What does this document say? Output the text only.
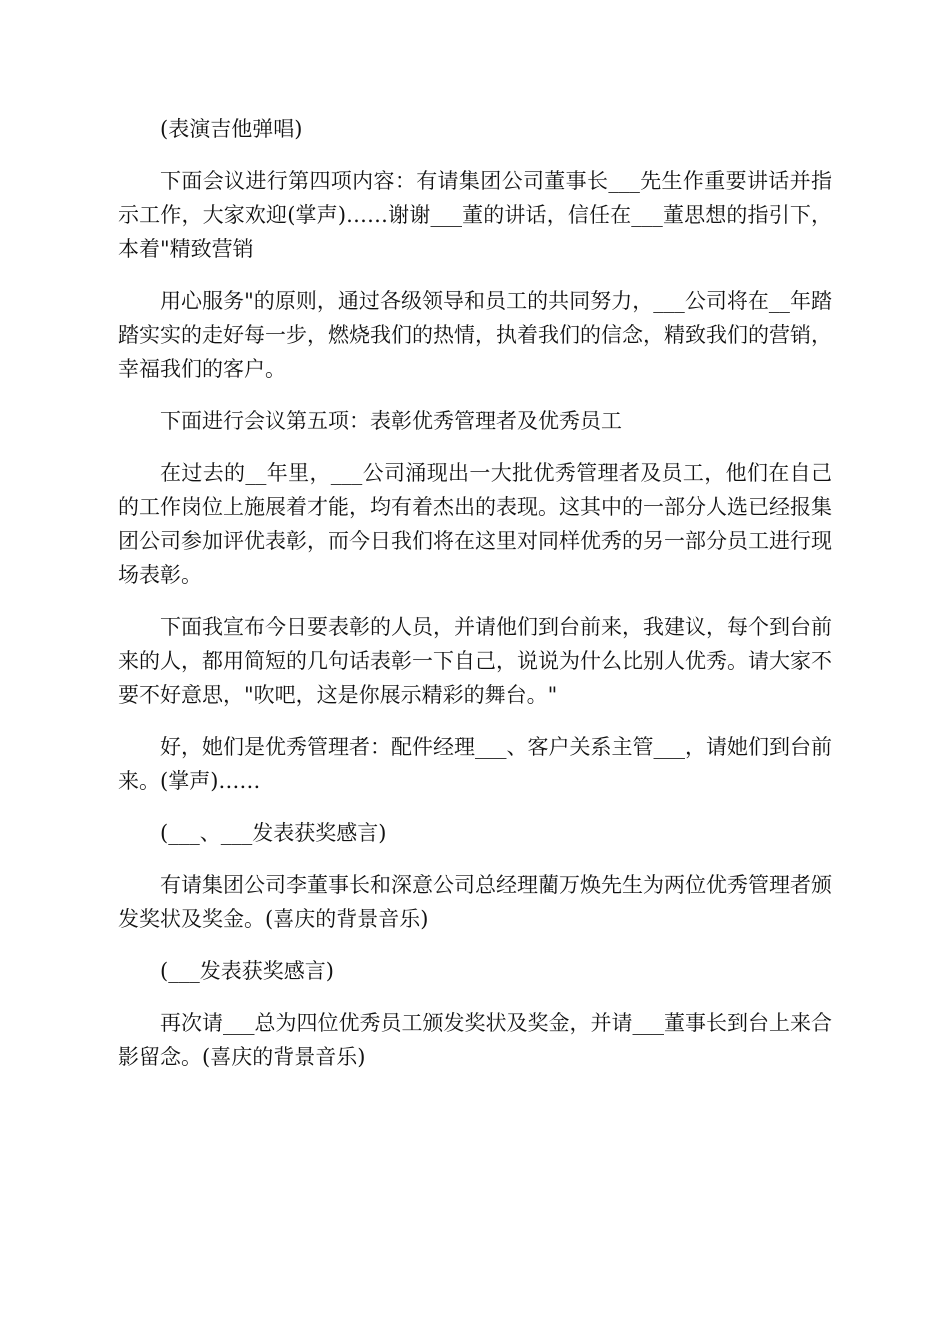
(表演吉他弹唱)

下面会议进行第四项内容：有请集团公司董事长___先生作重要讲话并指示工作，大家欢迎(掌声)……谢谢___董的讲话，信任在___董思想的指引下，本着"精致营销

用心服务"的原则，通过各级领导和员工的共同努力，___公司将在__年踏踏实实的走好每一步，燃烧我们的热情，执着我们的信念，精致我们的营销，幸福我们的客户。

下面进行会议第五项：表彰优秀管理者及优秀员工

在过去的__年里，___公司涌现出一大批优秀管理者及员工，他们在自己的工作岗位上施展着才能，均有着杰出的表现。这其中的一部分人选已经报集团公司参加评优表彰，而今日我们将在这里对同样优秀的另一部分员工进行现场表彰。

下面我宣布今日要表彰的人员，并请他们到台前来，我建议，每个到台前来的人，都用简短的几句话表彰一下自己，说说为什么比别人优秀。请大家不要不好意思，"吹吧，这是你展示精彩的舞台。"

好，她们是优秀管理者：配件经理___、客户关系主管___，请她们到台前来。(掌声)……

(___、___发表获奖感言)

有请集团公司李董事长和深意公司总经理藺万焕先生为两位优秀管理者颁发奖状及奖金。(喜庆的背景音乐)

(___发表获奖感言)

再次请___总为四位优秀员工颁发奖状及奖金，并请___董事长到台上来合影留念。(喜庆的背景音乐)
